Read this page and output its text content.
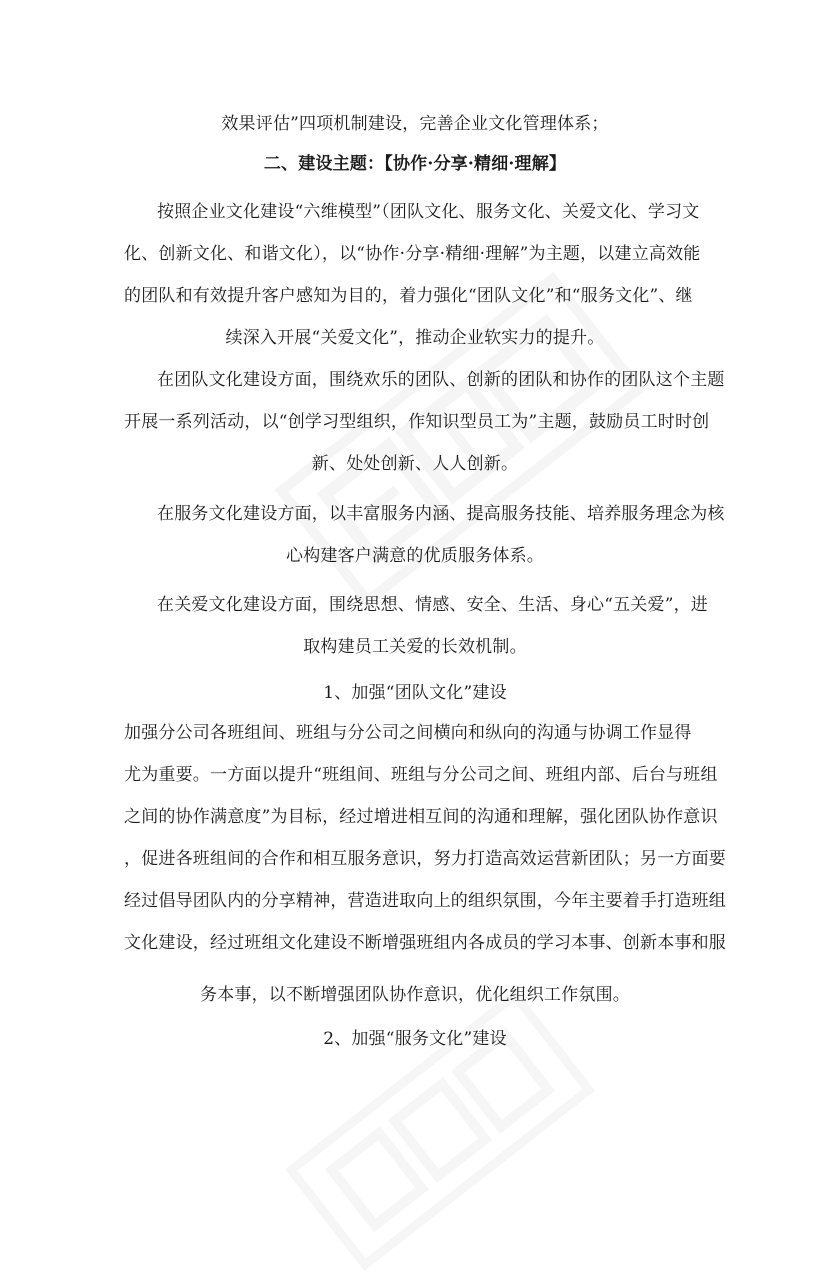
效果评估”四项机制建设，完善企业文化管理体系；
二、建设主题：【协作·分享·精细·理解】
按照企业文化建设“六维模型”（团队文化、服务文化、关爱文化、学习文
化、创新文化、和谐文化），以“协作·分享·精细·理解”为主题，以建立高效能
的团队和有效提升客户感知为目的，着力强化“团队文化”和“服务文化”、继
续深入开展“关爱文化”，推动企业软实力的提升。
在团队文化建设方面，围绕欢乐的团队、创新的团队和协作的团队这个主题
开展一系列活动，以“创学习型组织，作知识型员工为”主题，鼓励员工时时创
新、处处创新、人人创新。
在服务文化建设方面，以丰富服务内涵、提高服务技能、培养服务理念为核
心构建客户满意的优质服务体系。
在关爱文化建设方面，围绕思想、情感、安全、生活、身心“五关爱”，进
取构建员工关爱的长效机制。
1、加强“团队文化”建设
加强分公司各班组间、班组与分公司之间横向和纵向的沟通与协调工作显得
尤为重要。一方面以提升“班组间、班组与分公司之间、班组内部、后台与班组
之间的协作满意度”为目标，经过增进相互间的沟通和理解，强化团队协作意识
，促进各班组间的合作和相互服务意识，努力打造高效运营新团队；另一方面要
经过倡导团队内的分享精神，营造进取向上的组织氛围，今年主要着手打造班组
文化建设，经过班组文化建设不断增强班组内各成员的学习本事、创新本事和服
务本事，以不断增强团队协作意识，优化组织工作氛围。
2、加强“服务文化”建设
